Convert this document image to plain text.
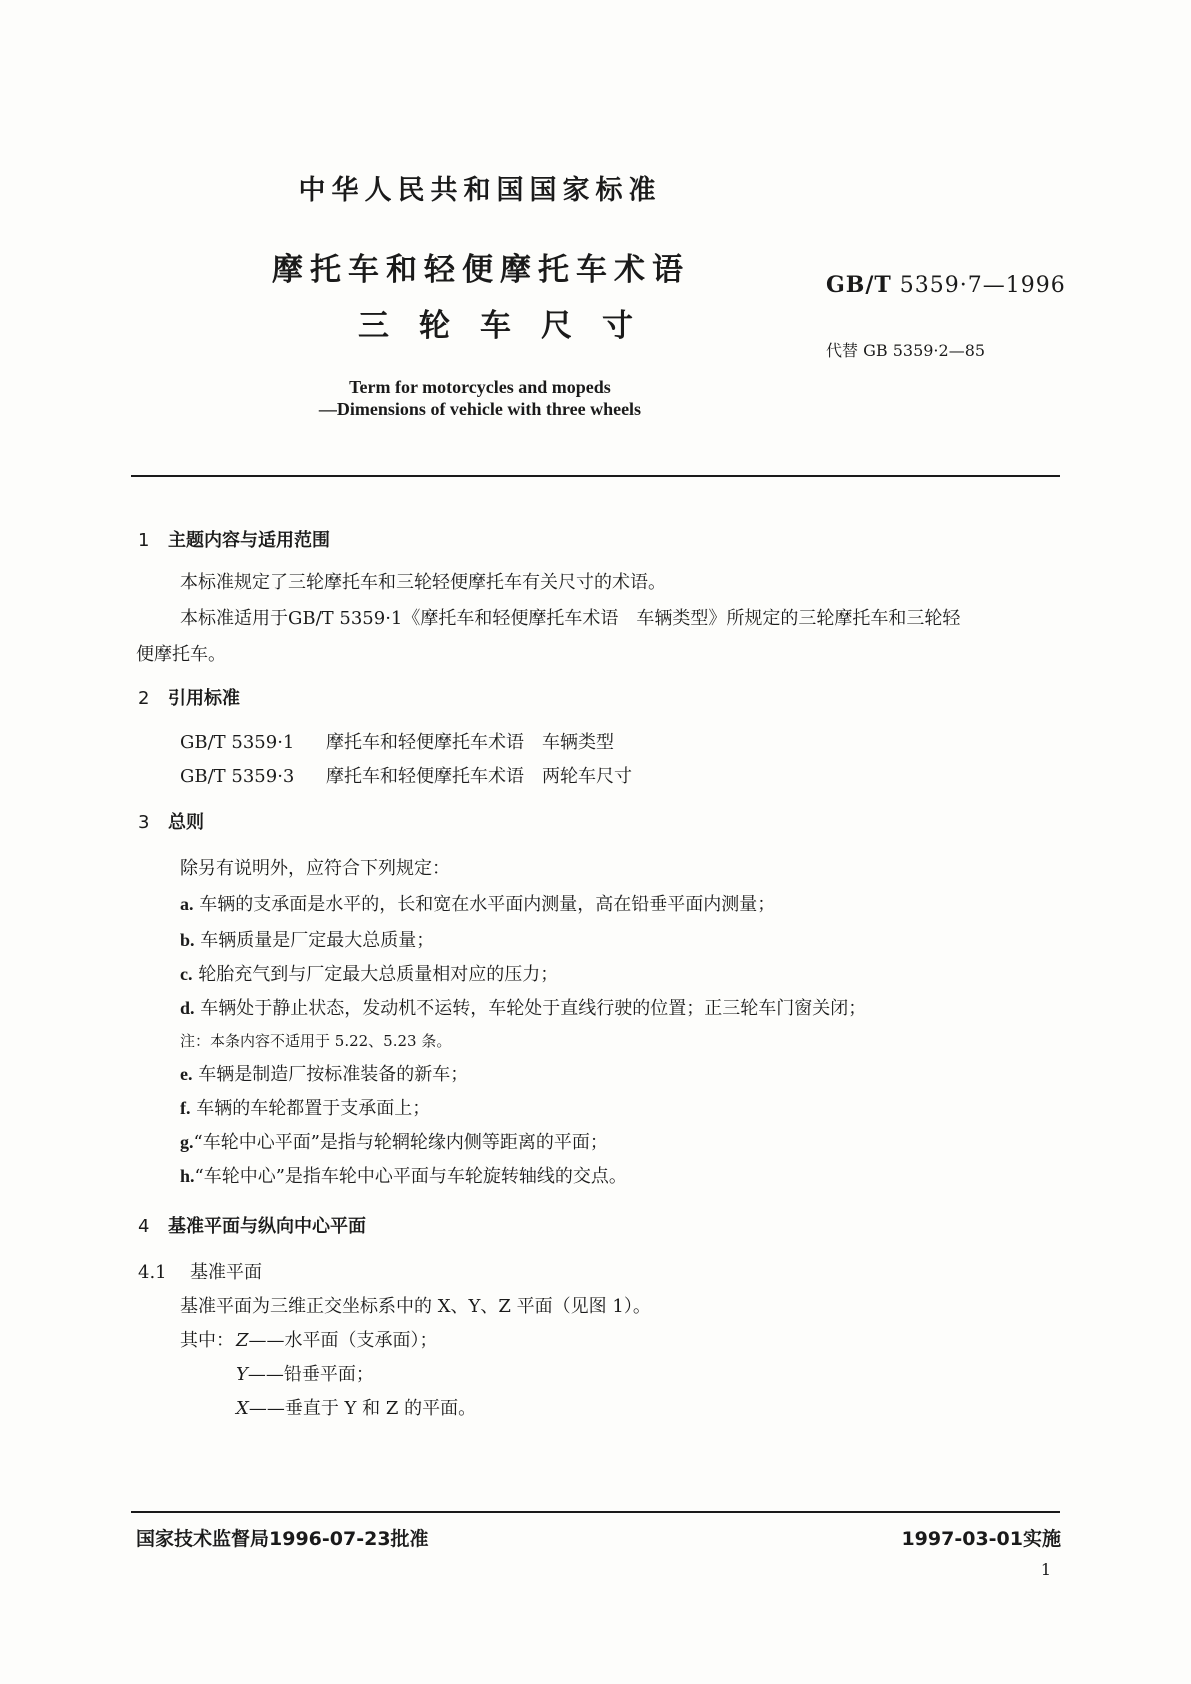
中华人民共和国国家标准
摩托车和轻便摩托车术语
三轮车尺寸
GB/T 5359·7—1996
代替 GB 5359·2—85
Term for motorcycles and mopeds
—Dimensions of vehicle with three wheels
1 主题内容与适用范围
本标准规定了三轮摩托车和三轮轻便摩托车有关尺寸的术语。
本标准适用于GB/T 5359·1《摩托车和轻便摩托车术语　车辆类型》所规定的三轮摩托车和三轮轻
便摩托车。
2 引用标准
GB/T 5359·1 摩托车和轻便摩托车术语　车辆类型
GB/T 5359·3 摩托车和轻便摩托车术语　两轮车尺寸
3 总则
除另有说明外，应符合下列规定：
a. 车辆的支承面是水平的，长和宽在水平面内测量，高在铅垂平面内测量；
b. 车辆质量是厂定最大总质量；
c. 轮胎充气到与厂定最大总质量相对应的压力；
d. 车辆处于静止状态，发动机不运转，车轮处于直线行驶的位置；正三轮车门窗关闭；
注：本条内容不适用于 5.22、5.23 条。
e. 车辆是制造厂按标准装备的新车；
f. 车辆的车轮都置于支承面上；
g.“车轮中心平面”是指与轮辋轮缘内侧等距离的平面；
h.“车轮中心”是指车轮中心平面与车轮旋转轴线的交点。
4 基准平面与纵向中心平面
4.1 基准平面
基准平面为三维正交坐标系中的 X、Y、Z 平面（见图 1）。
其中： Z——水平面（支承面）；
Y——铅垂平面；
X——垂直于 Y 和 Z 的平面。
国家技术监督局1996-07-23批准	1997-03-01实施
1
